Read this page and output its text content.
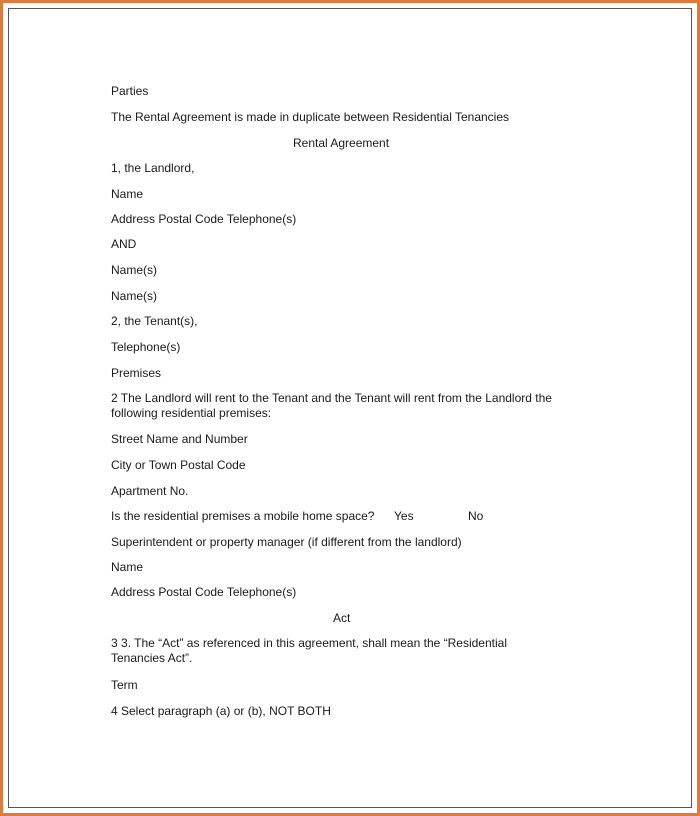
Parties
The Rental Agreement is made in duplicate between Residential Tenancies
Rental Agreement
1, the Landlord,
Name
Address Postal Code Telephone(s)
AND
Name(s)
Name(s)
2, the Tenant(s),
Telephone(s)
Premises
2 The Landlord will rent to the Tenant and the Tenant will rent from the Landlord the following residential premises:
Street Name and Number
City or Town Postal Code
Apartment No.
Is the residential premises a mobile home space? Yes	No
Superintendent or property manager (if different from the landlord)
Name
Address Postal Code Telephone(s)
Act
3 3. The “Act” as referenced in this agreement, shall mean the “Residential Tenancies Act”.
Term
4 Select paragraph (a) or (b), NOT BOTH
